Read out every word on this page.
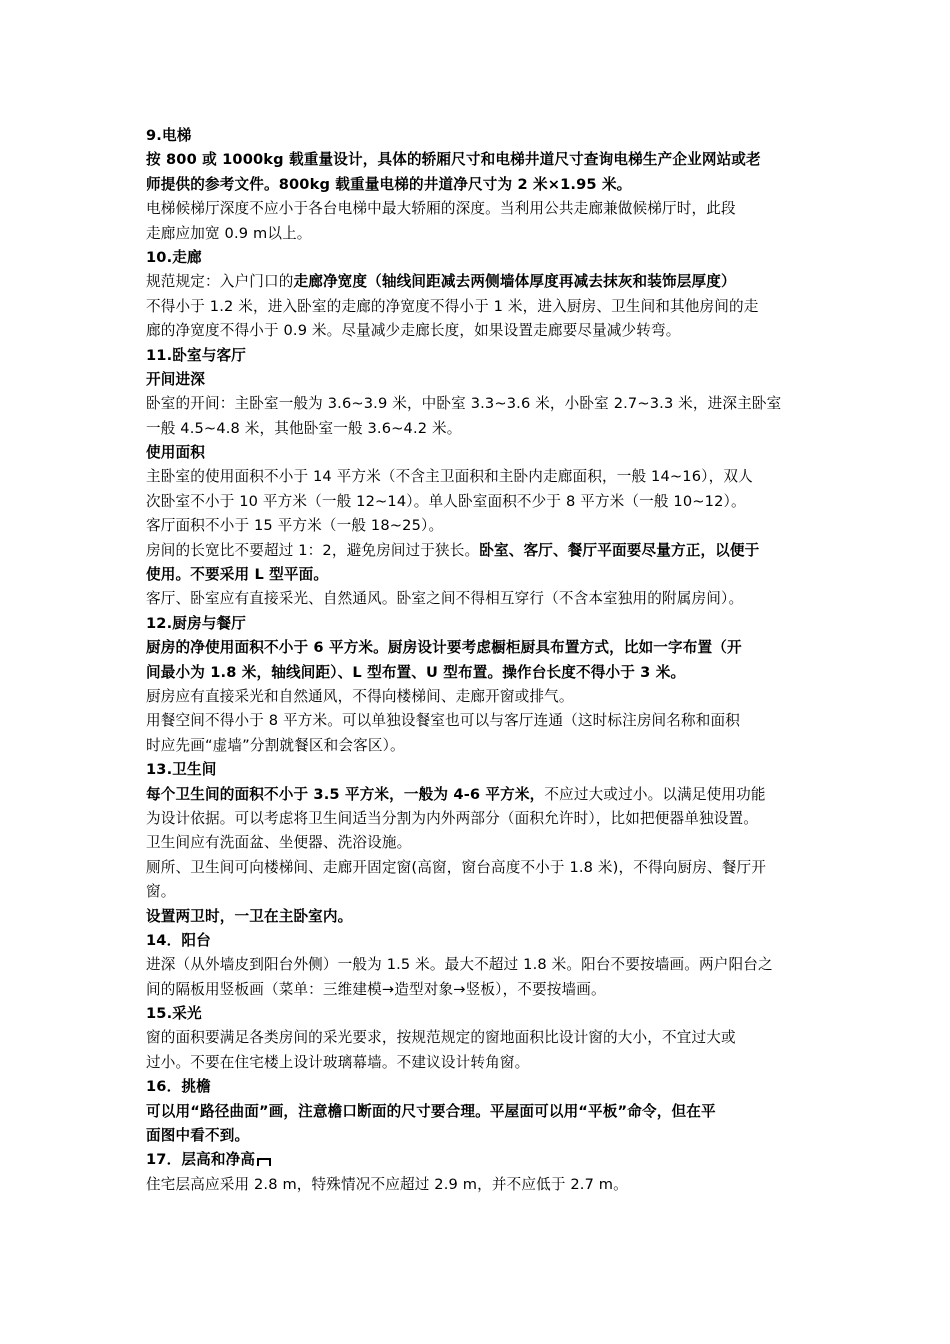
9.电梯
按 800 或 1000kg 载重量设计，具体的轿厢尺寸和电梯井道尺寸查询电梯生产企业网站或老
师提供的参考文件。800kg 载重量电梯的井道净尺寸为 2 米×1.95 米。
电梯候梯厅深度不应小于各台电梯中最大轿厢的深度。当利用公共走廊兼做候梯厅时，此段
走廊应加宽 0.9 m以上。
10.走廊
规范规定：入户门口的走廊净宽度（轴线间距减去两侧墙体厚度再减去抹灰和装饰层厚度）
不得小于 1.2 米，进入卧室的走廊的净宽度不得小于 1 米，进入厨房、卫生间和其他房间的走
廊的净宽度不得小于 0.9 米。尽量减少走廊长度，如果设置走廊要尽量减少转弯。
11.卧室与客厅
开间进深
卧室的开间：主卧室一般为 3.6~3.9 米，中卧室 3.3~3.6 米，小卧室 2.7~3.3 米，进深主卧室
一般 4.5~4.8 米，其他卧室一般 3.6~4.2 米。
使用面积
主卧室的使用面积不小于 14 平方米（不含主卫面积和主卧内走廊面积，一般 14~16），双人
次卧室不小于 10 平方米（一般 12~14）。单人卧室面积不少于 8 平方米（一般 10~12）。
客厅面积不小于 15 平方米（一般 18~25）。
房间的长宽比不要超过 1：2，避免房间过于狭长。卧室、客厅、餐厅平面要尽量方正，以便于
使用。不要采用 L 型平面。
客厅、卧室应有直接采光、自然通风。卧室之间不得相互穿行（不含本室独用的附属房间）。
12.厨房与餐厅
厨房的净使用面积不小于 6 平方米。厨房设计要考虑橱柜厨具布置方式，比如一字布置（开
间最小为 1.8 米，轴线间距）、L 型布置、U 型布置。操作台长度不得小于 3 米。
厨房应有直接采光和自然通风，不得向楼梯间、走廊开窗或排气。
用餐空间不得小于 8 平方米。可以单独设餐室也可以与客厅连通（这时标注房间名称和面积
时应先画“虚墙”分割就餐区和会客区）。
13.卫生间
每个卫生间的面积不小于 3.5 平方米，一般为 4-6 平方米，不应过大或过小。以满足使用功能
为设计依据。可以考虑将卫生间适当分割为内外两部分（面积允许时），比如把便器单独设置。
卫生间应有洗面盆、坐便器、洗浴设施。
厕所、卫生间可向楼梯间、走廊开固定窗(高窗，窗台高度不小于 1.8 米)，不得向厨房、餐厅开
窗。
设置两卫时，一卫在主卧室内。
14．阳台
进深（从外墙皮到阳台外侧）一般为 1.5 米。最大不超过 1.8 米。阳台不要按墙画。两户阳台之
间的隔板用竖板画（菜单：三维建模→造型对象→竖板），不要按墙画。
15.采光
窗的面积要满足各类房间的采光要求，按规范规定的窗地面积比设计窗的大小，不宜过大或
过小。不要在住宅楼上设计玻璃幕墙。不建议设计转角窗。
16．挑檐
可以用“路径曲面”画，注意檐口断面的尺寸要合理。平屋面可以用“平板”命令，但在平
面图中看不到。
17．层高和净高
住宅层高应采用 2.8 m，特殊情况不应超过 2.9 m，并不应低于 2.7 m。
